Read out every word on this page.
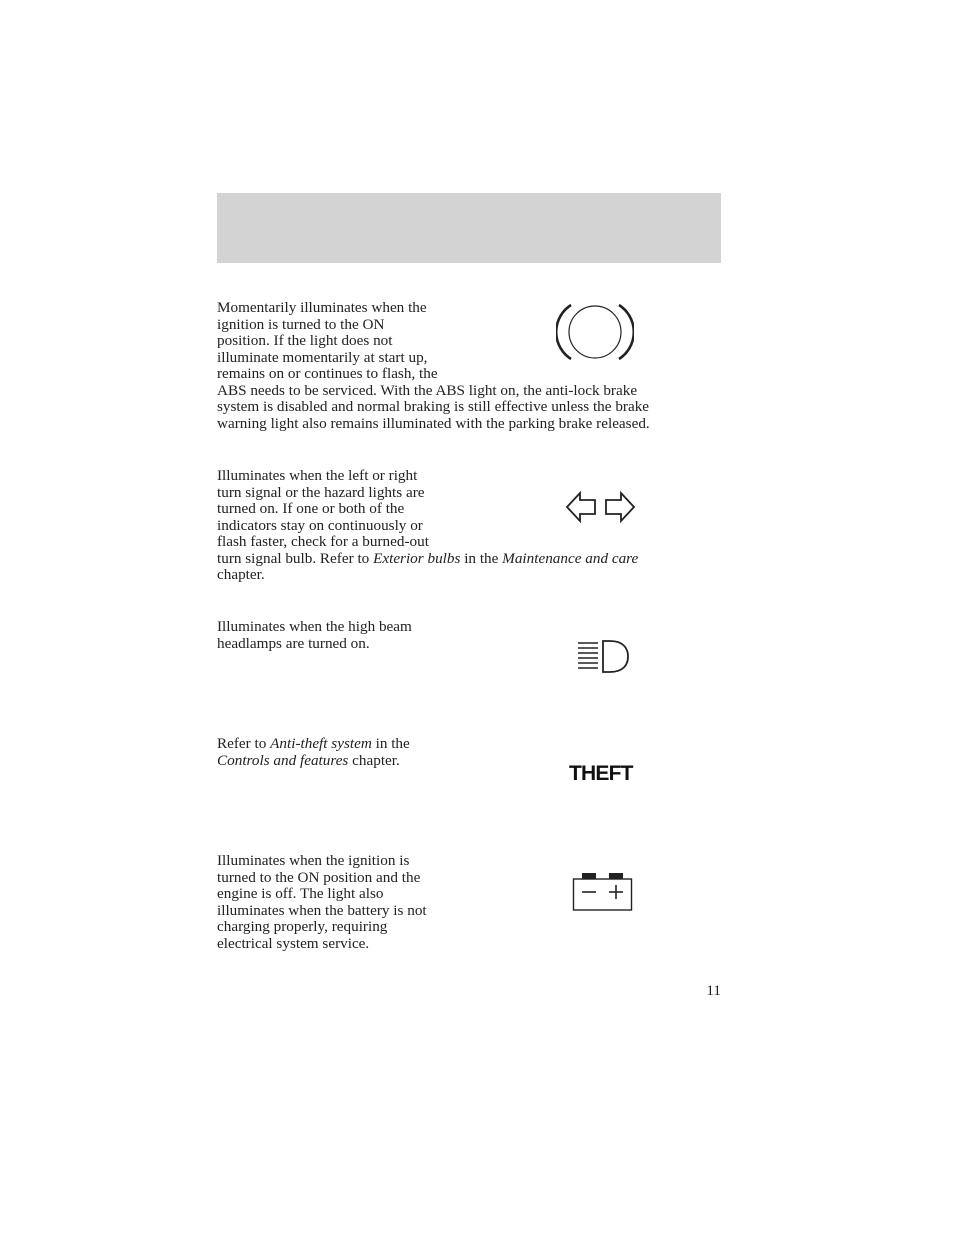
Momentarily illuminates when the
ignition is turned to the ON
position. If the light does not
illuminate momentarily at start up,
remains on or continues to flash, the
ABS needs to be serviced. With the ABS light on, the anti-lock brake
system is disabled and normal braking is still effective unless the brake
warning light also remains illuminated with the parking brake released.
Illuminates when the left or right
turn signal or the hazard lights are
turned on. If one or both of the
indicators stay on continuously or
flash faster, check for a burned-out

turn signal bulb. Refer to Exterior bulbs in the Maintenance and care
chapter.

Illuminates when the high beam
headlamps are turned on.

Refer to Anti-theft system in the
Controls and features chapter.

THEFT
Illuminates when the ignition is
turned to the ON position and the
engine is off. The light also
illuminates when the battery is not
charging properly, requiring
electrical system service.
11
